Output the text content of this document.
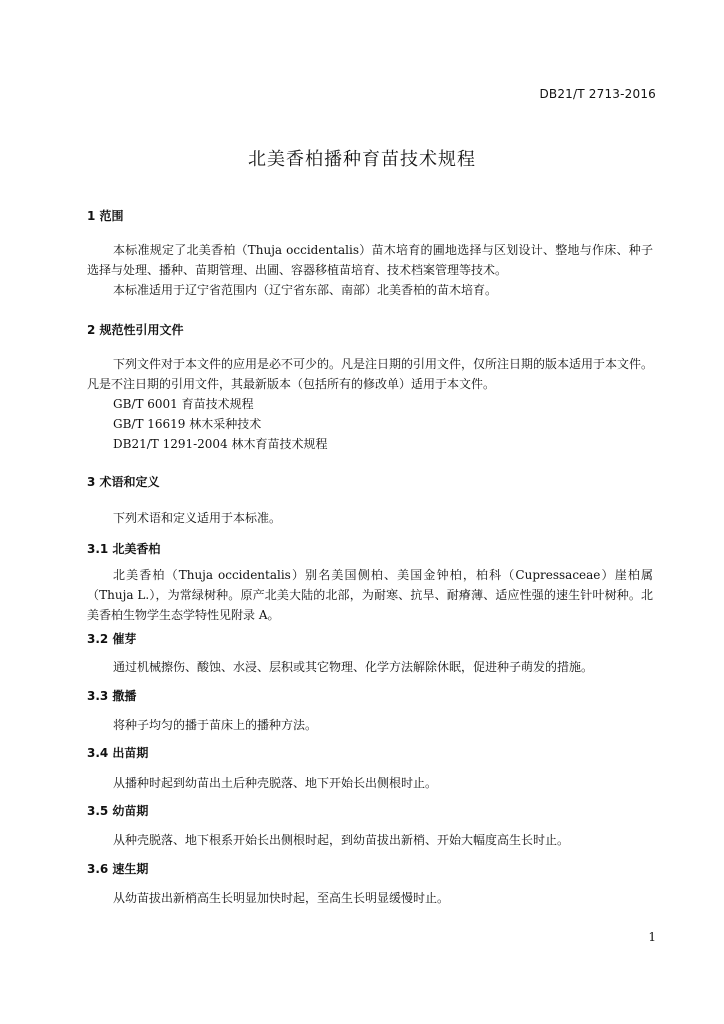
DB21/T 2713-2016
北美香柏播种育苗技术规程
1 范围
本标准规定了北美香柏（Thuja occidentalis）苗木培育的圃地选择与区划设计、整地与作床、种子选择与处理、播种、苗期管理、出圃、容器移植苗培育、技术档案管理等技术。
本标准适用于辽宁省范围内（辽宁省东部、南部）北美香柏的苗木培育。
2 规范性引用文件
下列文件对于本文件的应用是必不可少的。凡是注日期的引用文件，仅所注日期的版本适用于本文件。凡是不注日期的引用文件，其最新版本（包括所有的修改单）适用于本文件。
GB/T 6001 育苗技术规程
GB/T 16619 林木采种技术
DB21/T 1291-2004 林木育苗技术规程
3 术语和定义
下列术语和定义适用于本标准。
3.1 北美香柏
北美香柏（Thuja occidentalis）别名美国侧柏、美国金钟柏，柏科（Cupressaceae）崖柏属（Thuja L.），为常绿树种。原产北美大陆的北部，为耐寒、抗旱、耐瘠薄、适应性强的速生针叶树种。北美香柏生物学生态学特性见附录 A。
3.2 催芽
通过机械擦伤、酸蚀、水浸、层积或其它物理、化学方法解除休眠，促进种子萌发的措施。
3.3 撒播
将种子均匀的播于苗床上的播种方法。
3.4 出苗期
从播种时起到幼苗出土后种壳脱落、地下开始长出侧根时止。
3.5 幼苗期
从种壳脱落、地下根系开始长出侧根时起，到幼苗拔出新梢、开始大幅度高生长时止。
3.6 速生期
从幼苗拔出新梢高生长明显加快时起，至高生长明显缓慢时止。
1
